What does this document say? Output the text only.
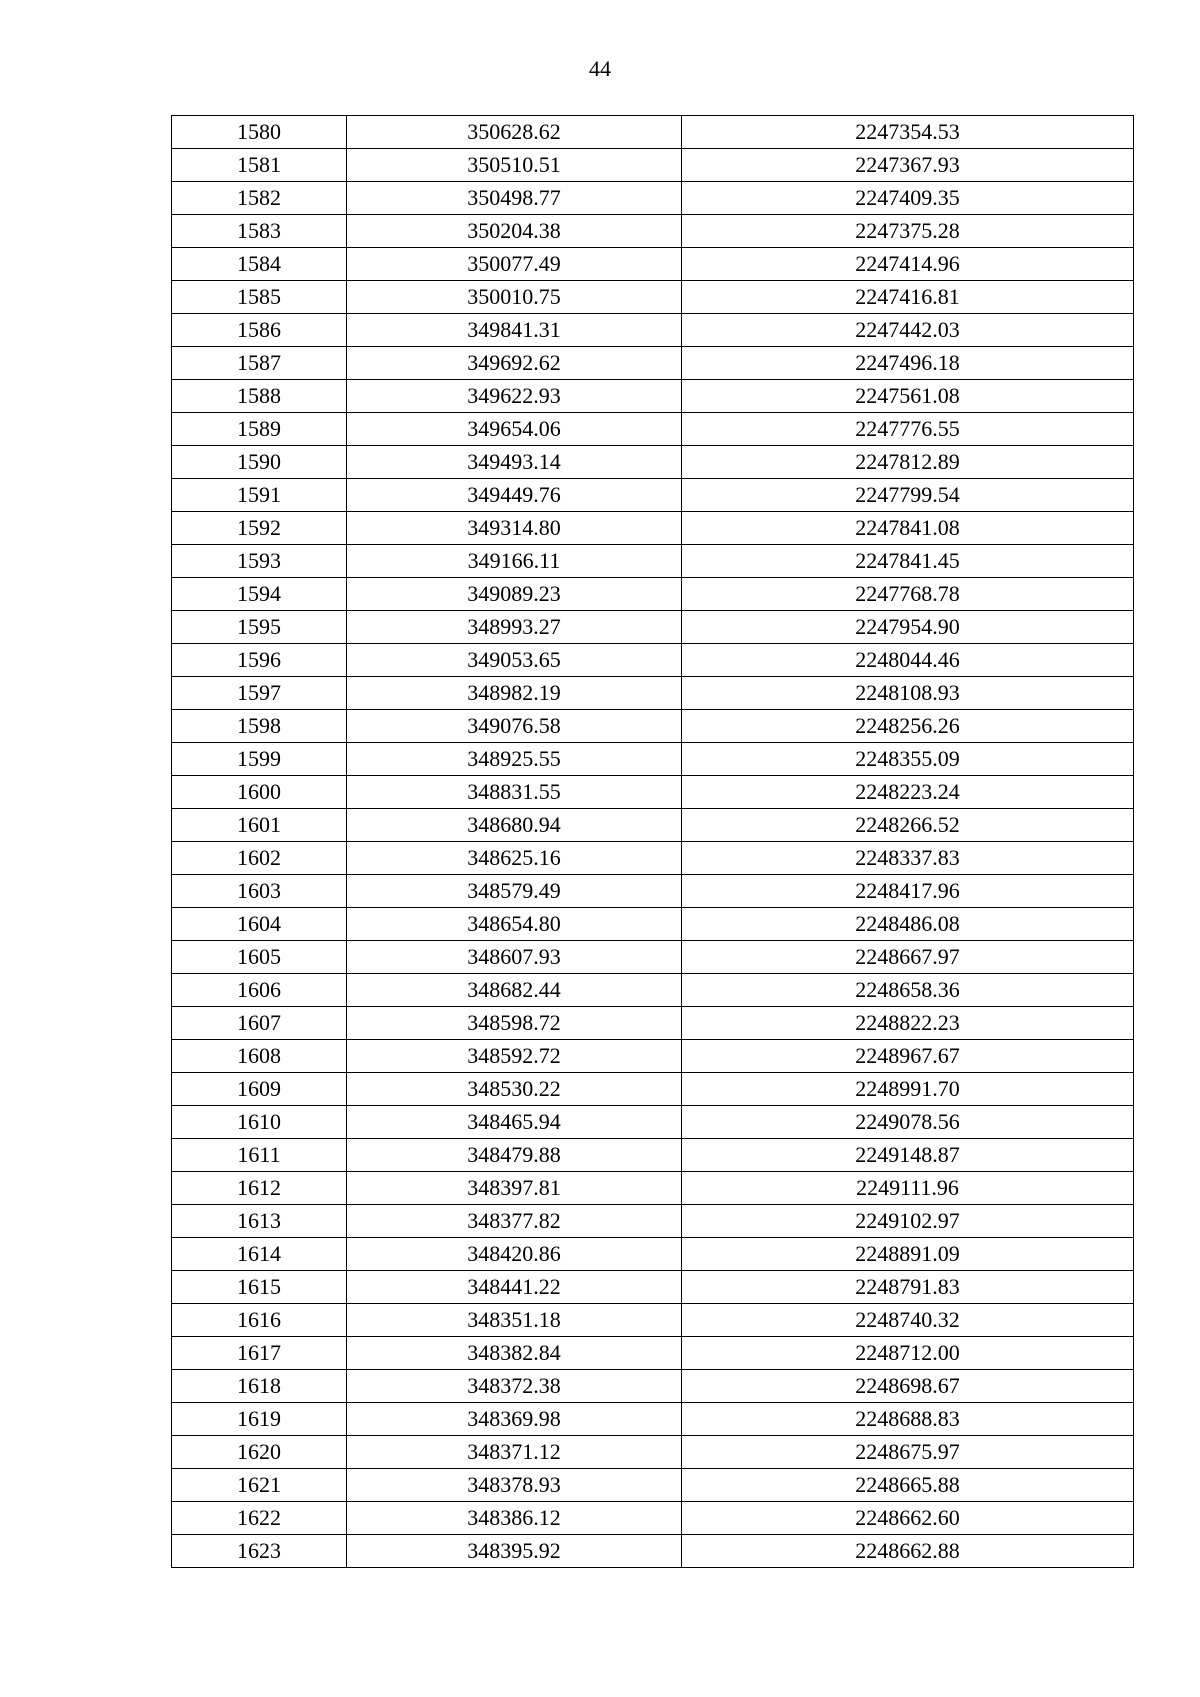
44
1580	350628.62	2247354.53
1581	350510.51	2247367.93
1582	350498.77	2247409.35
1583	350204.38	2247375.28
1584	350077.49	2247414.96
1585	350010.75	2247416.81
1586	349841.31	2247442.03
1587	349692.62	2247496.18
1588	349622.93	2247561.08
1589	349654.06	2247776.55
1590	349493.14	2247812.89
1591	349449.76	2247799.54
1592	349314.80	2247841.08
1593	349166.11	2247841.45
1594	349089.23	2247768.78
1595	348993.27	2247954.90
1596	349053.65	2248044.46
1597	348982.19	2248108.93
1598	349076.58	2248256.26
1599	348925.55	2248355.09
1600	348831.55	2248223.24
1601	348680.94	2248266.52
1602	348625.16	2248337.83
1603	348579.49	2248417.96
1604	348654.80	2248486.08
1605	348607.93	2248667.97
1606	348682.44	2248658.36
1607	348598.72	2248822.23
1608	348592.72	2248967.67
1609	348530.22	2248991.70
1610	348465.94	2249078.56
1611	348479.88	2249148.87
1612	348397.81	2249111.96
1613	348377.82	2249102.97
1614	348420.86	2248891.09
1615	348441.22	2248791.83
1616	348351.18	2248740.32
1617	348382.84	2248712.00
1618	348372.38	2248698.67
1619	348369.98	2248688.83
1620	348371.12	2248675.97
1621	348378.93	2248665.88
1622	348386.12	2248662.60
1623	348395.92	2248662.88
